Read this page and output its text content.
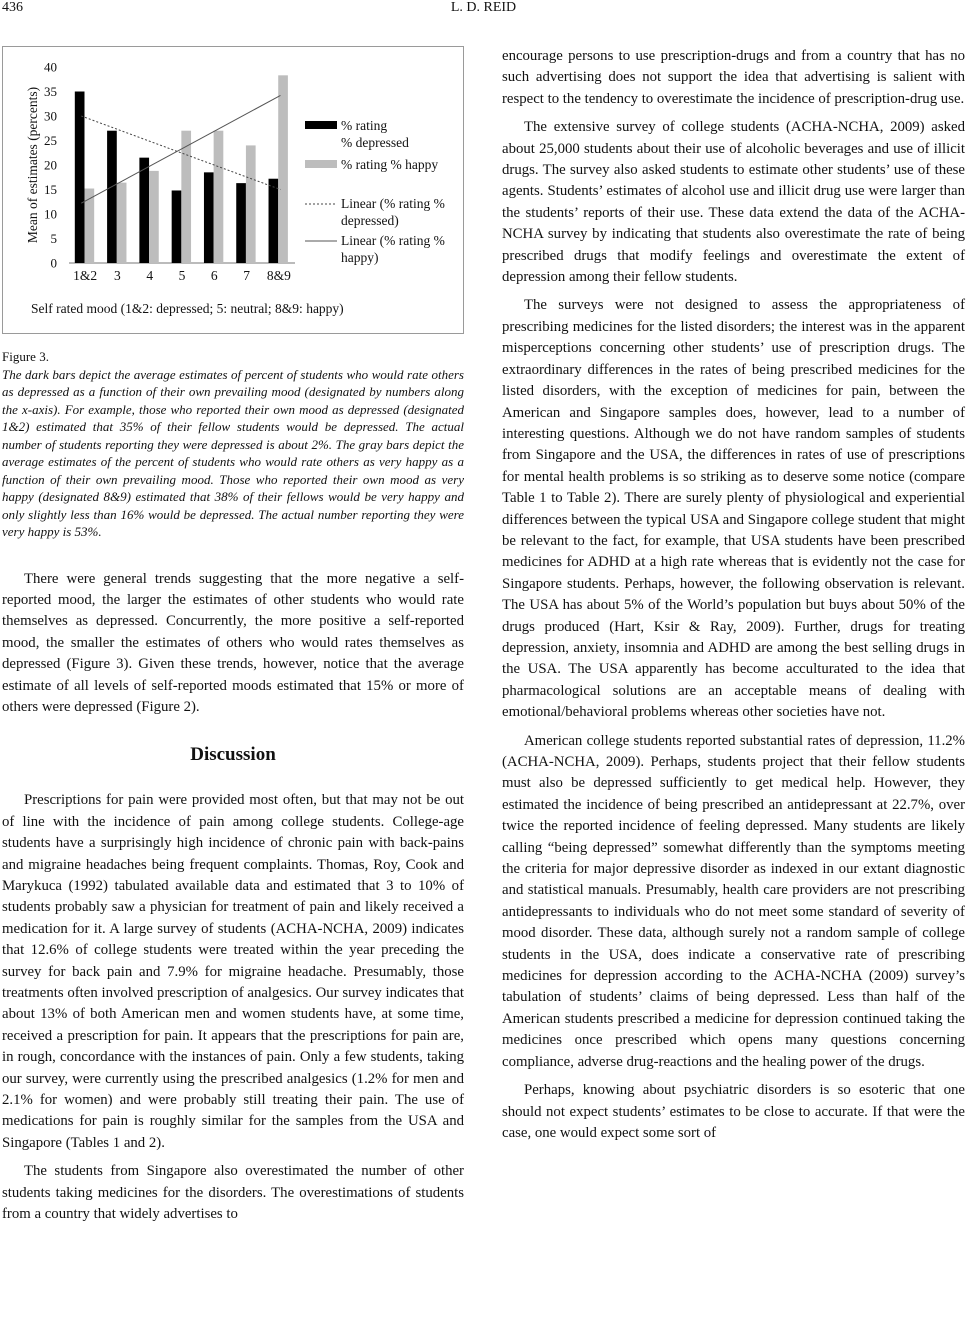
436	L. D. REID
0
5
10
15
20
25
30
35
40
Mean of estimates (percents)
1&2 3 4 5 6 7 8&9
Self rated mood (1&2: depressed; 5: neutral; 8&9: happy)
% rating
% depressed
% rating % happy
Linear (% rating %
depressed)
Linear (% rating %
happy)
Figure 3.
The dark bars depict the average estimates of percent of students who would rate others as depressed as a function of their own prevailing mood (designated by numbers along the x-axis). For example, those who reported their own mood as depressed (designated 1&2) estimated that 35% of their fellow students would be depressed. The actual number of students reporting they were depressed is about 2%. The gray bars depict the average estimates of the percent of students who would rate others as very happy as a function of their own prevailing mood. Those who reported their own mood as very happy (designated 8&9) estimated that 38% of their fellows would be very happy and only slightly less than 16% would be depressed. The actual number reporting they were very happy is 53%.

There were general trends suggesting that the more negative a self-reported mood, the larger the estimates of other students who would rate themselves as depressed. Concurrently, the more positive a self-reported mood, the smaller the estimates of others who would rates themselves as depressed (Figure 3). Given these trends, however, notice that the average estimate of all levels of self-reported moods estimated that 15% or more of others were depressed (Figure 2).

Discussion

Prescriptions for pain were provided most often, but that may not be out of line with the incidence of pain among college students. College-age students have a surprisingly high incidence of chronic pain with back-pains and migraine headaches being frequent complaints. Thomas, Roy, Cook and Marykuca (1992) tabulated available data and estimated that 3 to 10% of students probably saw a physician for treatment of pain and likely received a medication for it. A large survey of students (ACHA-NCHA, 2009) indicates that 12.6% of college students were treated within the year preceding the survey for back pain and 7.9% for migraine headache. Presumably, those treatments often involved prescription of analgesics. Our survey indicates that about 13% of both American men and women students have, at some time, received a prescription for pain. It appears that the prescriptions for pain are, in rough, concordance with the instances of pain. Only a few students, taking our survey, were currently using the prescribed analgesics (1.2% for men and 2.1% for women) and were probably still treating their pain. The use of medications for pain is roughly similar for the samples from the USA and Singapore (Tables 1 and 2).

The students from Singapore also overestimated the number of other students taking medicines for the disorders. The overestimations of students from a country that widely advertises to

encourage persons to use prescription-drugs and from a country that has no such advertising does not support the idea that advertising is salient with respect to the tendency to overestimate the incidence of prescription-drug use.

The extensive survey of college students (ACHA-NCHA, 2009) asked about 25,000 students about their use of alcoholic beverages and use of illicit drugs. The survey also asked students to estimate other students’ use of these agents. Students’ estimates of alcohol use and illicit drug use were larger than the students’ reports of their use. These data extend the data of the ACHA-NCHA survey by indicating that students also overestimate the rate of being prescribed drugs that modify feelings and overestimate the extent of depression among their fellow students.

The surveys were not designed to assess the appropriateness of prescribing medicines for the listed disorders; the interest was in the apparent misperceptions concerning other students’ use of prescription drugs. The extraordinary differences in the rates of being prescribed medicines for the listed disorders, with the exception of medicines for pain, between the American and Singapore samples does, however, lead to a number of interesting questions. Although we do not have random samples of students from Singapore and the USA, the differences in rates of use of prescriptions for mental health problems is so striking as to deserve some notice (compare Table 1 to Table 2). There are surely plenty of physiological and experiential differences between the typical USA and Singapore college student that might be relevant to the fact, for example, that USA students have been prescribed medicines for ADHD at a high rate whereas that is evidently not the case for Singapore students. Perhaps, however, the following observation is relevant. The USA has about 5% of the World’s population but buys about 50% of the drugs produced (Hart, Ksir & Ray, 2009). Further, drugs for treating depression, anxiety, insomnia and ADHD are among the best selling drugs in the USA. The USA apparently has become acculturated to the idea that pharmacological solutions are an acceptable means of dealing with emotional/behavioral problems whereas other societies have not.

American college students reported substantial rates of depression, 11.2% (ACHA-NCHA, 2009). Perhaps, students project that their fellow students must also be depressed sufficiently to get medical help. However, they estimated the incidence of being prescribed an antidepressant at 22.7%, over twice the reported incidence of feeling depressed. Many students are likely calling “being depressed” somewhat differently than the symptoms meeting the criteria for major depressive disorder as indexed in our extant diagnostic and statistical manuals. Presumably, health care providers are not prescribing antidepressants to individuals who do not meet some standard of severity of mood disorder. These data, although surely not a random sample of college students in the USA, does indicate a conservative rate of prescribing medicines for depression according to the ACHA-NCHA (2009) survey’s tabulation of students’ claims of being depressed. Less than half of the American students prescribed a medicine for depression continued taking the medicines once prescribed which opens many questions concerning compliance, adverse drug-reactions and the healing power of the drugs.

Perhaps, knowing about psychiatric disorders is so esoteric that one should not expect students’ estimates to be close to accurate. If that were the case, one would expect some sort of
